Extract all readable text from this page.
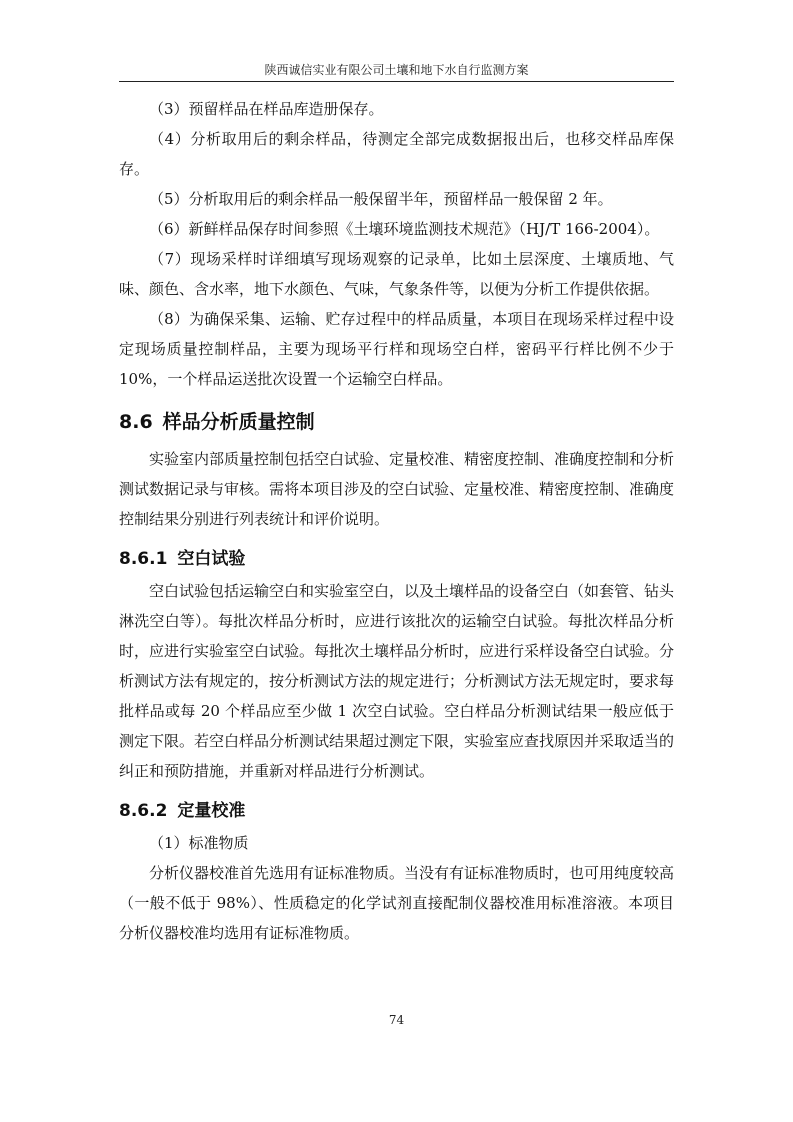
陕西诚信实业有限公司土壤和地下水自行监测方案

（3）预留样品在样品库造册保存。

（4）分析取用后的剩余样品，待测定全部完成数据报出后，也移交样品库保存。

（5）分析取用后的剩余样品一般保留半年，预留样品一般保留 2 年。

（6）新鲜样品保存时间参照《土壤环境监测技术规范》（HJ/T 166-2004）。

（7）现场采样时详细填写现场观察的记录单，比如土层深度、土壤质地、气味、颜色、含水率，地下水颜色、气味，气象条件等，以便为分析工作提供依据。

（8）为确保采集、运输、贮存过程中的样品质量，本项目在现场采样过程中设定现场质量控制样品，主要为现场平行样和现场空白样，密码平行样比例不少于 10%，一个样品运送批次设置一个运输空白样品。

8.6 样品分析质量控制

实验室内部质量控制包括空白试验、定量校准、精密度控制、准确度控制和分析测试数据记录与审核。需将本项目涉及的空白试验、定量校准、精密度控制、准确度控制结果分别进行列表统计和评价说明。

8.6.1 空白试验

空白试验包括运输空白和实验室空白，以及土壤样品的设备空白（如套管、钻头淋洗空白等）。每批次样品分析时，应进行该批次的运输空白试验。每批次样品分析时，应进行实验室空白试验。每批次土壤样品分析时，应进行采样设备空白试验。分析测试方法有规定的，按分析测试方法的规定进行；分析测试方法无规定时，要求每批样品或每 20 个样品应至少做 1 次空白试验。空白样品分析测试结果一般应低于测定下限。若空白样品分析测试结果超过测定下限，实验室应查找原因并采取适当的纠正和预防措施，并重新对样品进行分析测试。

8.6.2 定量校准

（1）标准物质

分析仪器校准首先选用有证标准物质。当没有有证标准物质时，也可用纯度较高（一般不低于 98%）、性质稳定的化学试剂直接配制仪器校准用标准溶液。本项目分析仪器校准均选用有证标准物质。

74
